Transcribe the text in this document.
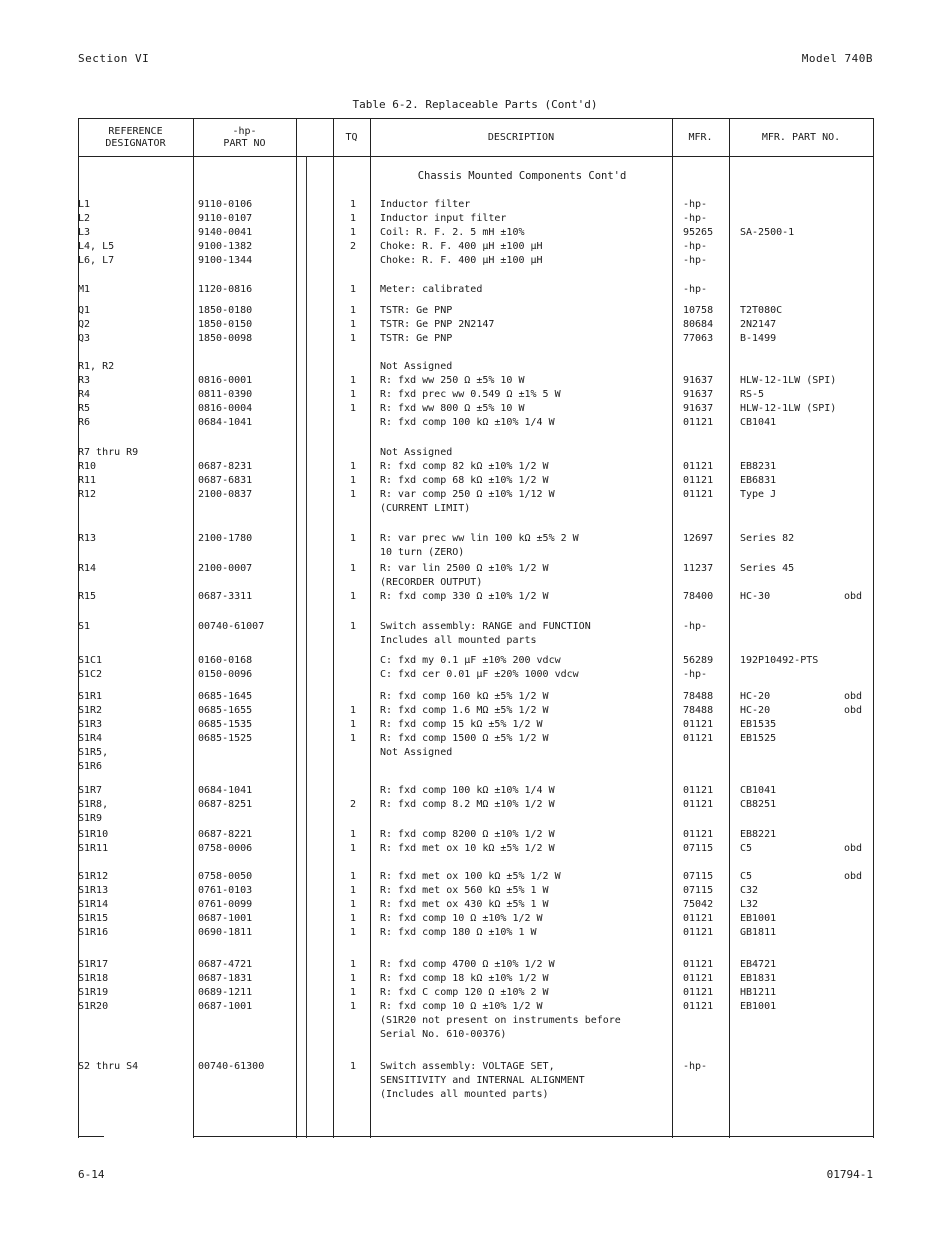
Section VI	Model 740B
Table 6-2. Replaceable Parts (Cont'd)
REFERENCE
DESIGNATOR
-hp-
PART NO
TQ	DESCRIPTION	MFR.	MFR. PART NO.
Chassis Mounted Components Cont'd
L1	9110-0106	1	Inductor filter	-hp-
L2	9110-0107	1	Inductor input filter	-hp-
L3	9140-0041	1	Coil: R. F. 2. 5 mH ±10%	95265	SA-2500-1
L4, L5	9100-1382	2	Choke: R. F. 400 μH ±100 μH	-hp-
L6, L7	9100-1344	Choke: R. F. 400 μH ±100 μH	-hp-
M1	1120-0816	1	Meter: calibrated	-hp-
Q1	1850-0180	1	TSTR: Ge PNP	10758	T2T080C
Q2	1850-0150	1	TSTR: Ge PNP 2N2147	80684	2N2147
Q3	1850-0098	1	TSTR: Ge PNP	77063	B-1499
R1, R2	Not Assigned
R3	0816-0001	1	R: fxd ww 250 Ω ±5% 10 W	91637	HLW-12-1LW (SPI)
R4	0811-0390	1	R: fxd prec ww 0.549 Ω ±1% 5 W	91637	RS-5
R5	0816-0004	1	R: fxd ww 800 Ω ±5% 10 W	91637	HLW-12-1LW (SPI)
R6	0684-1041	R: fxd comp 100 kΩ ±10% 1/4 W	01121	CB1041
R7 thru R9	Not Assigned
R10	0687-8231	1	R: fxd comp 82 kΩ ±10% 1/2 W	01121	EB8231
R11	0687-6831	1	R: fxd comp 68 kΩ ±10% 1/2 W	01121	EB6831
R12	2100-0837	1	R: var comp 250 Ω ±10% 1/12 W	01121	Type J
(CURRENT LIMIT)
R13	2100-1780	1	R: var prec ww lin 100 kΩ ±5% 2 W	12697	Series 82
10 turn (ZERO)
R14	2100-0007	1	R: var lin 2500 Ω ±10% 1/2 W	11237	Series 45
(RECORDER OUTPUT)
R15	0687-3311	1	R: fxd comp 330 Ω ±10% 1/2 W	78400	HC-30	obd
S1	00740-61007	1	Switch assembly: RANGE and FUNCTION	-hp-
Includes all mounted parts
S1C1	0160-0168	C: fxd my 0.1 μF ±10% 200 vdcw	56289	192P10492-PTS
S1C2	0150-0096	C: fxd cer 0.01 μF ±20% 1000 vdcw	-hp-
S1R1	0685-1645	R: fxd comp 160 kΩ ±5% 1/2 W	78488	HC-20	obd
S1R2	0685-1655	1	R: fxd comp 1.6 MΩ ±5% 1/2 W	78488	HC-20	obd
S1R3	0685-1535	1	R: fxd comp 15 kΩ ±5% 1/2 W	01121	EB1535
S1R4	0685-1525	1	R: fxd comp 1500 Ω ±5% 1/2 W	01121	EB1525
S1R5,	Not Assigned
S1R6
S1R7	0684-1041	R: fxd comp 100 kΩ ±10% 1/4 W	01121	CB1041
S1R8,	0687-8251	2	R: fxd comp 8.2 MΩ ±10% 1/2 W	01121	CB8251
S1R9
S1R10	0687-8221	1	R: fxd comp 8200 Ω ±10% 1/2 W	01121	EB8221
S1R11	0758-0006	1	R: fxd met ox 10 kΩ ±5% 1/2 W	07115	C5	obd
S1R12	0758-0050	1	R: fxd met ox 100 kΩ ±5% 1/2 W	07115	C5	obd
S1R13	0761-0103	1	R: fxd met ox 560 kΩ ±5% 1 W	07115	C32
S1R14	0761-0099	1	R: fxd met ox 430 kΩ ±5% 1 W	75042	L32
S1R15	0687-1001	1	R: fxd comp 10 Ω ±10% 1/2 W	01121	EB1001
S1R16	0690-1811	1	R: fxd comp 180 Ω ±10% 1 W	01121	GB1811
S1R17	0687-4721	1	R: fxd comp 4700 Ω ±10% 1/2 W	01121	EB4721
S1R18	0687-1831	1	R: fxd comp 18 kΩ ±10% 1/2 W	01121	EB1831
S1R19	0689-1211	1	R: fxd C comp 120 Ω ±10% 2 W	01121	HB1211
S1R20	0687-1001	1	R: fxd comp 10 Ω ±10% 1/2 W	01121	EB1001
(S1R20 not present on instruments before
Serial No. 610-00376)
S2 thru S4	00740-61300	1	Switch assembly: VOLTAGE SET,	-hp-
SENSITIVITY and INTERNAL ALIGNMENT
(Includes all mounted parts)
6-14	01794-1
